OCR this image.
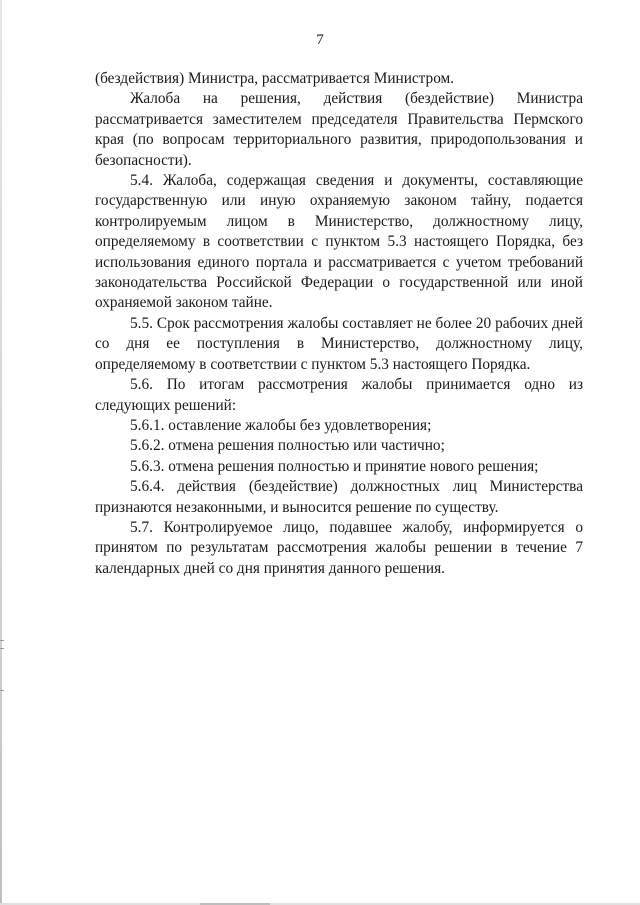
7

(бездействия) Министра, рассматривается Министром.

Жалоба на решения, действия (бездействие) Министра рассматривается заместителем председателя Правительства Пермского края (по вопросам территориального развития, природопользования и безопасности).

5.4. Жалоба, содержащая сведения и документы, составляющие государственную или иную охраняемую законом тайну, подается контролируемым лицом в Министерство, должностному лицу, определяемому в соответствии с пунктом 5.3 настоящего Порядка, без использования единого портала и рассматривается с учетом требований законодательства Российской Федерации о государственной или иной охраняемой законом тайне.

5.5. Срок рассмотрения жалобы составляет не более 20 рабочих дней со дня ее поступления в Министерство, должностному лицу, определяемому в соответствии с пунктом 5.3 настоящего Порядка.

5.6. По итогам рассмотрения жалобы принимается одно из следующих решений:

5.6.1. оставление жалобы без удовлетворения;

5.6.2. отмена решения полностью или частично;

5.6.3. отмена решения полностью и принятие нового решения;

5.6.4. действия (бездействие) должностных лиц Министерства признаются незаконными, и выносится решение по существу.

5.7. Контролируемое лицо, подавшее жалобу, информируется о принятом по результатам рассмотрения жалобы решении в течение 7 календарных дней со дня принятия данного решения.
